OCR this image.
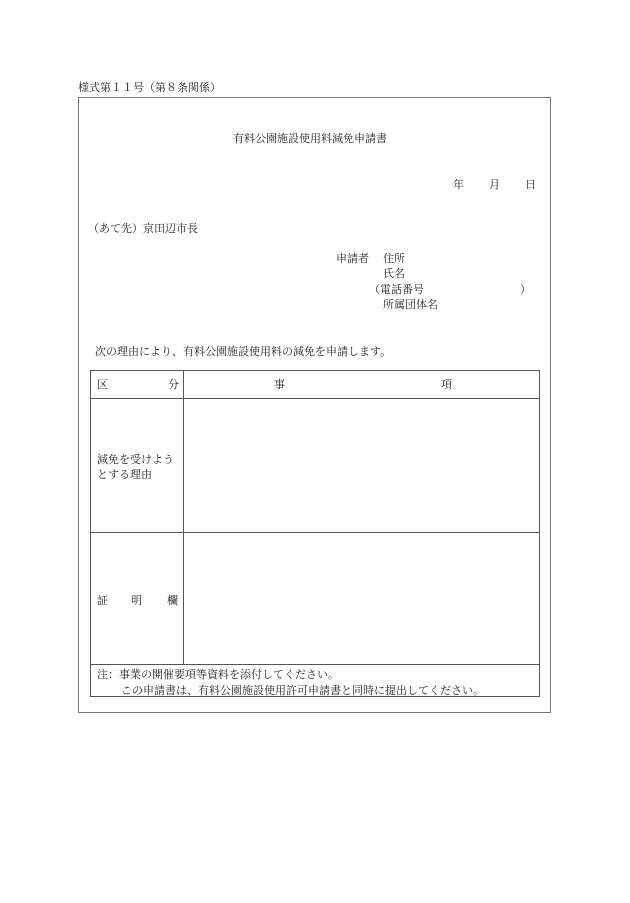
様式第１１号（第８条関係）
有料公園施設使用料減免申請書
年 月 日
（あて先）京田辺市長
申請者 住所
氏名
（電話番号	）
所属団体名
次の理由により、有料公園施設使用料の減免を申請します。
区	分	事	項
減免を受けよう
とする理由
証 明 欄
注：事業の開催要項等資料を添付してください。
この申請書は、有料公園施設使用許可申請書と同時に提出してください。
